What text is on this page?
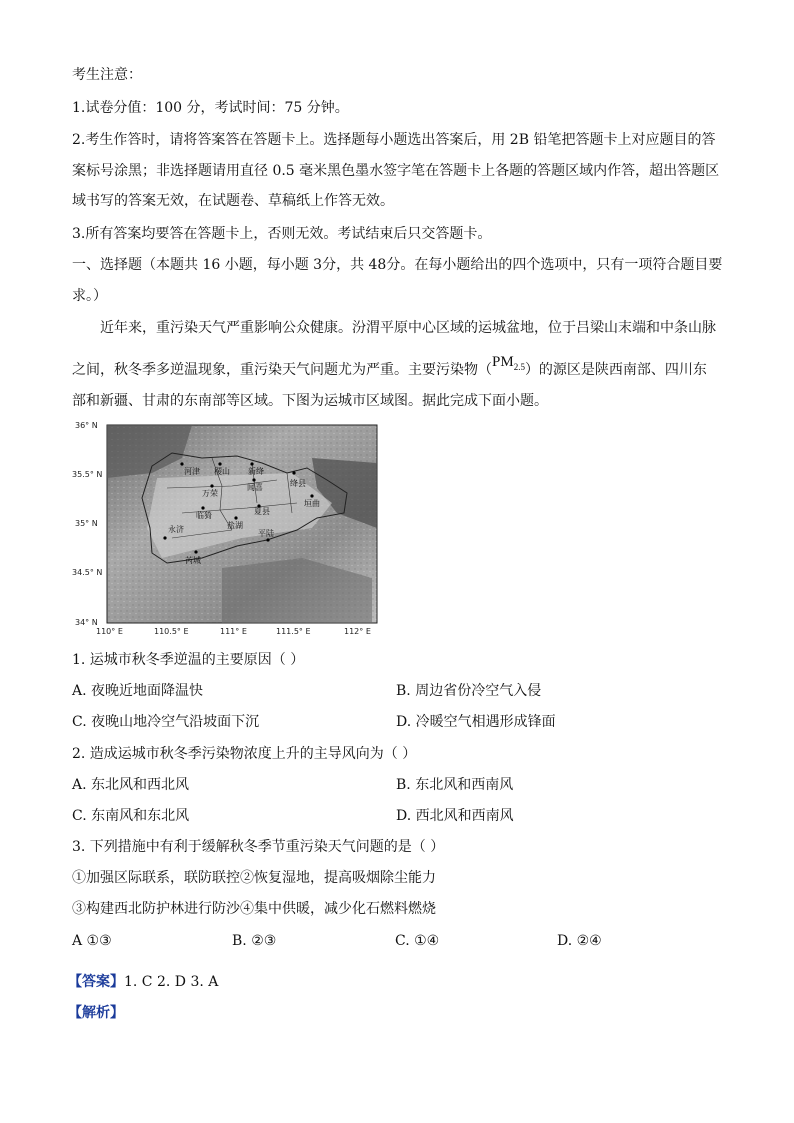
考生注意：
1.试卷分值：100 分，考试时间：75 分钟。
2.考生作答时，请将答案答在答题卡上。选择题每小题选出答案后，用 2B 铅笔把答题卡上对应题目的答
案标号涂黑；非选择题请用直径 0.5 毫米黑色墨水签字笔在答题卡上各题的答题区域内作答，超出答题区
域书写的答案无效，在试题卷、草稿纸上作答无效。
3.所有答案均要答在答题卡上，否则无效。考试结束后只交答题卡。
一、选择题（本题共 16 小题，每小题 3分，共 48分。在每小题给出的四个选项中，只有一项符合题目要
求。）
近年来，重污染天气严重影响公众健康。汾渭平原中心区域的运城盆地，位于吕梁山末端和中条山脉
之间，秋冬季多逆温现象，重污染天气问题尤为严重。主要污染物$(PM_{2.5})$的源区是陕西南部、四川东
部和新疆、甘肃的东南部等区域。下图为运城市区域图。据此完成下面小题。
河津 稷山 新绛
万荣
闻喜	绛县
临猗
垣曲
夏县
永济	盐湖
平陆
芮城
36° N
35.5° N
35° N
34.5° N
34° N
110° E	110.5° E	111° E	111.5° E	112° E
1. 运城市秋冬季逆温的主要原因（ ）
A. 夜晚近地面降温快	B. 周边省份冷空气入侵
C. 夜晚山地冷空气沿坡面下沉	D. 冷暖空气相遇形成锋面
2. 造成运城市秋冬季污染物浓度上升的主导风向为（ ）
A. 东北风和西北风	B. 东北风和西南风
C. 东南风和东北风	D. 西北风和西南风
3. 下列措施中有利于缓解秋冬季节重污染天气问题的是（ ）
①加强区际联系，联防联控②恢复湿地，提高吸烟除尘能力
③构建西北防护林进行防沙④集中供暖，减少化石燃料燃烧
A ①③	B. ②③	C. ①④	D. ②④
【答案】1. C 2. D 3. A
【解析】
